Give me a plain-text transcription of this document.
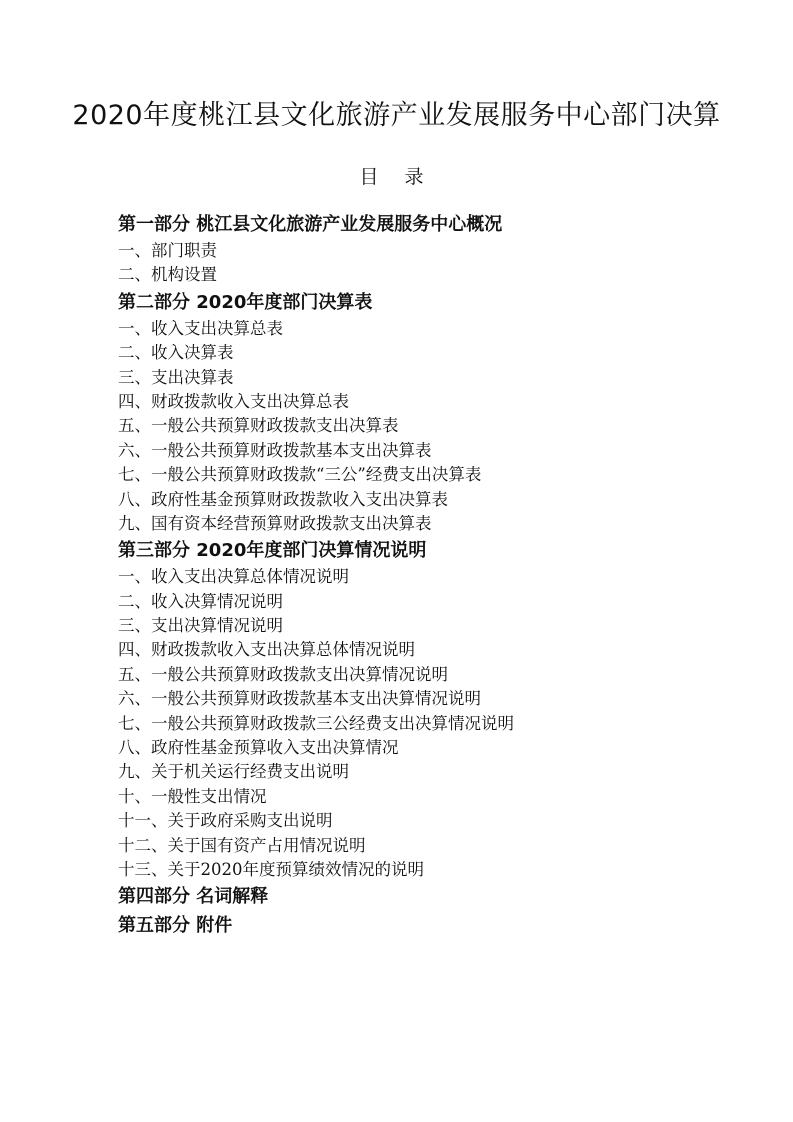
2020年度桃江县文化旅游产业发展服务中心部门决算
目 录
第一部分 桃江县文化旅游产业发展服务中心概况
一、部门职责
二、机构设置
第二部分 2020年度部门决算表
一、收入支出决算总表
二、收入决算表
三、支出决算表
四、财政拨款收入支出决算总表
五、一般公共预算财政拨款支出决算表
六、一般公共预算财政拨款基本支出决算表
七、一般公共预算财政拨款“三公”经费支出决算表
八、政府性基金预算财政拨款收入支出决算表
九、国有资本经营预算财政拨款支出决算表
第三部分 2020年度部门决算情况说明
一、收入支出决算总体情况说明
二、收入决算情况说明
三、支出决算情况说明
四、财政拨款收入支出决算总体情况说明
五、一般公共预算财政拨款支出决算情况说明
六、一般公共预算财政拨款基本支出决算情况说明
七、一般公共预算财政拨款三公经费支出决算情况说明
八、政府性基金预算收入支出决算情况
九、关于机关运行经费支出说明
十、一般性支出情况
十一、关于政府采购支出说明
十二、关于国有资产占用情况说明
十三、关于2020年度预算绩效情况的说明
第四部分 名词解释
第五部分 附件
